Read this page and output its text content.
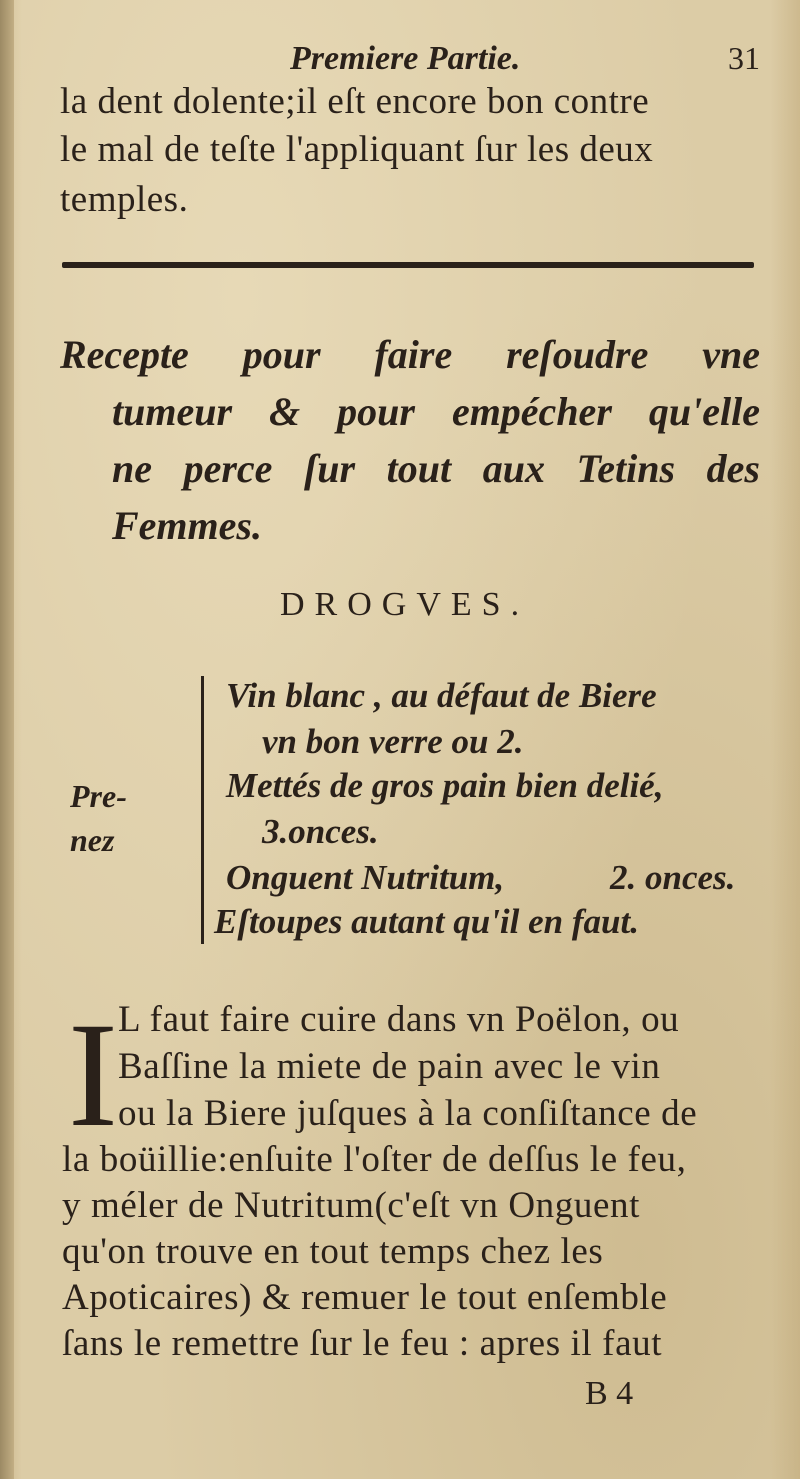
Premiere Partie.	31
la dent dolente;il eſt encore bon contre
le mal de teſte l'appliquant ſur les deux
temples.
Recepte pour faire reſoudre vne
tumeur & pour empécher qu'elle
ne perce ſur tout aux Tetins des
Femmes.
DROGVES.
Pre-
nez
Vin blanc , au défaut de Biere
vn bon verre ou 2.
Mettés de gros pain bien delié,
3.onces.
Onguent Nutritum,	2. onces.
Eſtoupes autant qu'il en faut.
I L faut faire cuire dans vn Poëlon, ou
Baſſine la miete de pain avec le vin
ou la Biere juſques à la conſiſtance de
la boüillie:enſuite l'oſter de deſſus le feu,
y méler de Nutritum(c'eſt vn Onguent
qu'on trouve en tout temps chez les
Apoticaires) & remuer le tout enſemble
ſans le remettre ſur le feu : apres il faut
B 4
